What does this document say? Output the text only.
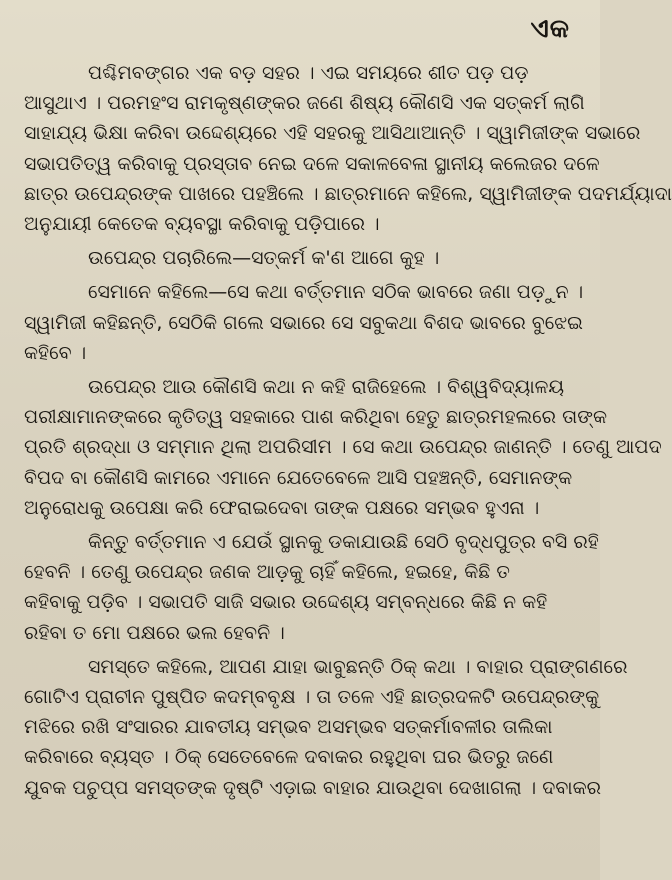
ଏକ
ପଶ୍ଚିମବଙ୍ଗର ଏକ ବଡ଼ ସହର । ଏଇ ସମୟରେ ଶୀତ ପଡ଼ ପଡ଼
ଆସୁଥାଏ । ପରମହଂସ ରାମକୃଷ୍ଣଙ୍କର ଜଣେ ଶିଷ୍ୟ କୌଣସି ଏକ ସତ୍କର୍ମ ଲାଗି
ସାହାଯ୍ୟ ଭିକ୍ଷା କରିବା ଉଦ୍ଦେଶ୍ୟରେ ଏହି ସହରକୁ ଆସିଥାଆନ୍ତି । ସ୍ୱାମିଜୀଙ୍କ ସଭାରେ
ସଭାପତିତ୍ୱ କରିବାକୁ ପ୍ରସ୍ତାବ ନେଇ ଦଳେ ସକାଳବେଳା ସ୍ଥାନୀୟ କଲେଜର ଦଳେ
ଛାତ୍ର ଉପେନ୍ଦ୍ରଙ୍କ ପାଖରେ ପହଞ୍ଚିଲେ । ଛାତ୍ରମାନେ କହିଲେ, ସ୍ୱାମିଜୀଙ୍କ ପଦମର୍ଯ୍ୟାଦା
ଅନୁଯାୟୀ କେତେକ ବ୍ୟବସ୍ଥା କରିବାକୁ ପଡ଼ିପାରେ ।
ଉପେନ୍ଦ୍ର ପଚାରିଲେ—ସତ୍କର୍ମ କ'ଣ ଆଗେ କୁହ ।
ସେମାନେ କହିଲେ—ସେ କଥା ବର୍ତ୍ତମାନ ସଠିକ ଭାବରେ ଜଣା ପଡ଼ୁନ ।
ସ୍ୱାମିଜୀ କହିଛନ୍ତି, ସେଠିକି ଗଲେ ସଭାରେ ସେ ସବୁକଥା ବିଶଦ ଭାବରେ ବୁଝେଇ
କହିବେ ।
ଉପେନ୍ଦ୍ର ଆଉ କୌଣସି କଥା ନ କହି ରାଜିହେଲେ । ବିଶ୍ୱବିଦ୍ୟାଳୟ
ପରୀକ୍ଷାମାନଙ୍କରେ କୃତିତ୍ୱ ସହକାରେ ପାଶ କରିଥିବା ହେତୁ ଛାତ୍ରମହଲରେ ତାଙ୍କ
ପ୍ରତି ଶ୍ରଦ୍ଧା ଓ ସମ୍ମାନ ଥିଲା ଅପରିସୀମ । ସେ କଥା ଉପେନ୍ଦ୍ର ଜାଣନ୍ତି । ତେଣୁ ଆପଦ
ବିପଦ ବା କୌଣସି କାମରେ ଏମାନେ ଯେତେବେଳେ ଆସି ପହଞ୍ଚନ୍ତି, ସେମାନଙ୍କ
ଅନୁରୋଧକୁ ଉପେକ୍ଷା କରି ଫେରାଇଦେବା ତାଙ୍କ ପକ୍ଷରେ ସମ୍ଭବ ହୁଏନା ।
କିନ୍ତୁ ବର୍ତ୍ତମାନ ଏ ଯେଉଁ ସ୍ଥାନକୁ ଡକାଯାଉଛି ସେଠି ବୃଦ୍ଧପୁତ୍ର ବସି ରହି
ହେବନି । ତେଣୁ ଉପେନ୍ଦ୍ର ଜଣକ ଆଡ଼କୁ ଚାହିଁ କହିଲେ, ହଇହେ, କିଛି ତ
କହିବାକୁ ପଡ଼ିବ । ସଭାପତି ସାଜି ସଭାର ଉଦ୍ଦେଶ୍ୟ ସମ୍ବନ୍ଧରେ କିଛି ନ କହି
ରହିବା ତ ମୋ ପକ୍ଷରେ ଭଲ ହେବନି ।
ସମସ୍ତେ କହିଲେ, ଆପଣ ଯାହା ଭାବୁଛନ୍ତି ଠିକ୍ କଥା । ବାହାର ପ୍ରାଙ୍ଗଣରେ
ଗୋଟିଏ ପ୍ରାଚୀନ ପୁଷ୍ପିତ କଦମ୍ବବୃକ୍ଷ । ତା ତଳେ ଏହି ଛାତ୍ରଦଳଟି ଉପେନ୍ଦ୍ରଙ୍କୁ
ମଝିରେ ରଖି ସଂସାରର ଯାବତୀୟ ସମ୍ଭବ ଅସମ୍ଭବ ସତ୍କର୍ମାବଳୀର ତାଲିକା
କରିବାରେ ବ୍ୟସ୍ତ । ଠିକ୍ ସେତେବେଳେ ଦବାକର ରହୁଥିବା ଘର ଭିତରୁ ଜଣେ
ଯୁବକ ପଚୁପ୍ପ ସମସ୍ତଙ୍କ ଦୃଷ୍ଟି ଏଡ଼ାଇ ବାହାର ଯାଉଥିବା ଦେଖାଗଲା । ଦବାକର
